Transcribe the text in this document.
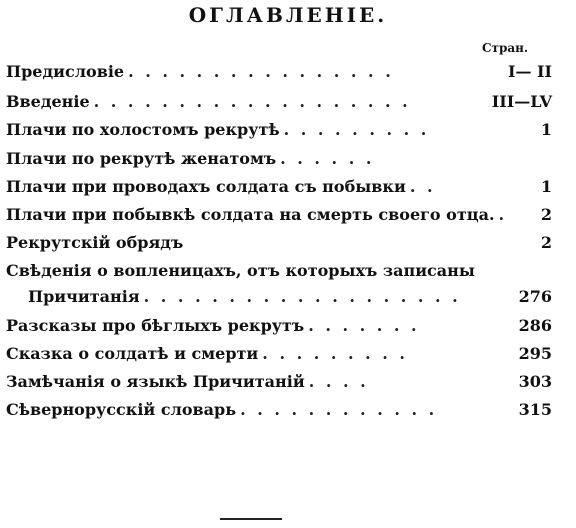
ОГЛАВЛЕНІЕ.
Стран.
Предисловіе . . . . . . . . . . . . . . . .	I— II
Введеніе . . . . . . . . . . . . . . . . . . .	III—LV
Плачи по холостомъ рекрутѣ . . . . . . . . .	1
Плачи по рекрутѣ женатомъ . . . . . .
Плачи при проводахъ солдата съ побывки . .	1
Плачи при побывкѣ солдата на смерть своего отца. .	2
Рекрутскій обрядъ	2
Свѣденія о вопленицахъ, отъ которыхъ записаны
Причитанія . . . . . . . . . . . . . . . . . . .	276
Разсказы про бѣглыхъ рекрутъ . . . . . . .	286
Сказка о солдатѣ и смерти . . . . . . . . .	295
Замѣчанія о языкѣ Причитаній . . . .	303
Сѣвернорусскій словарь . . . . . . . . . . . .	315
